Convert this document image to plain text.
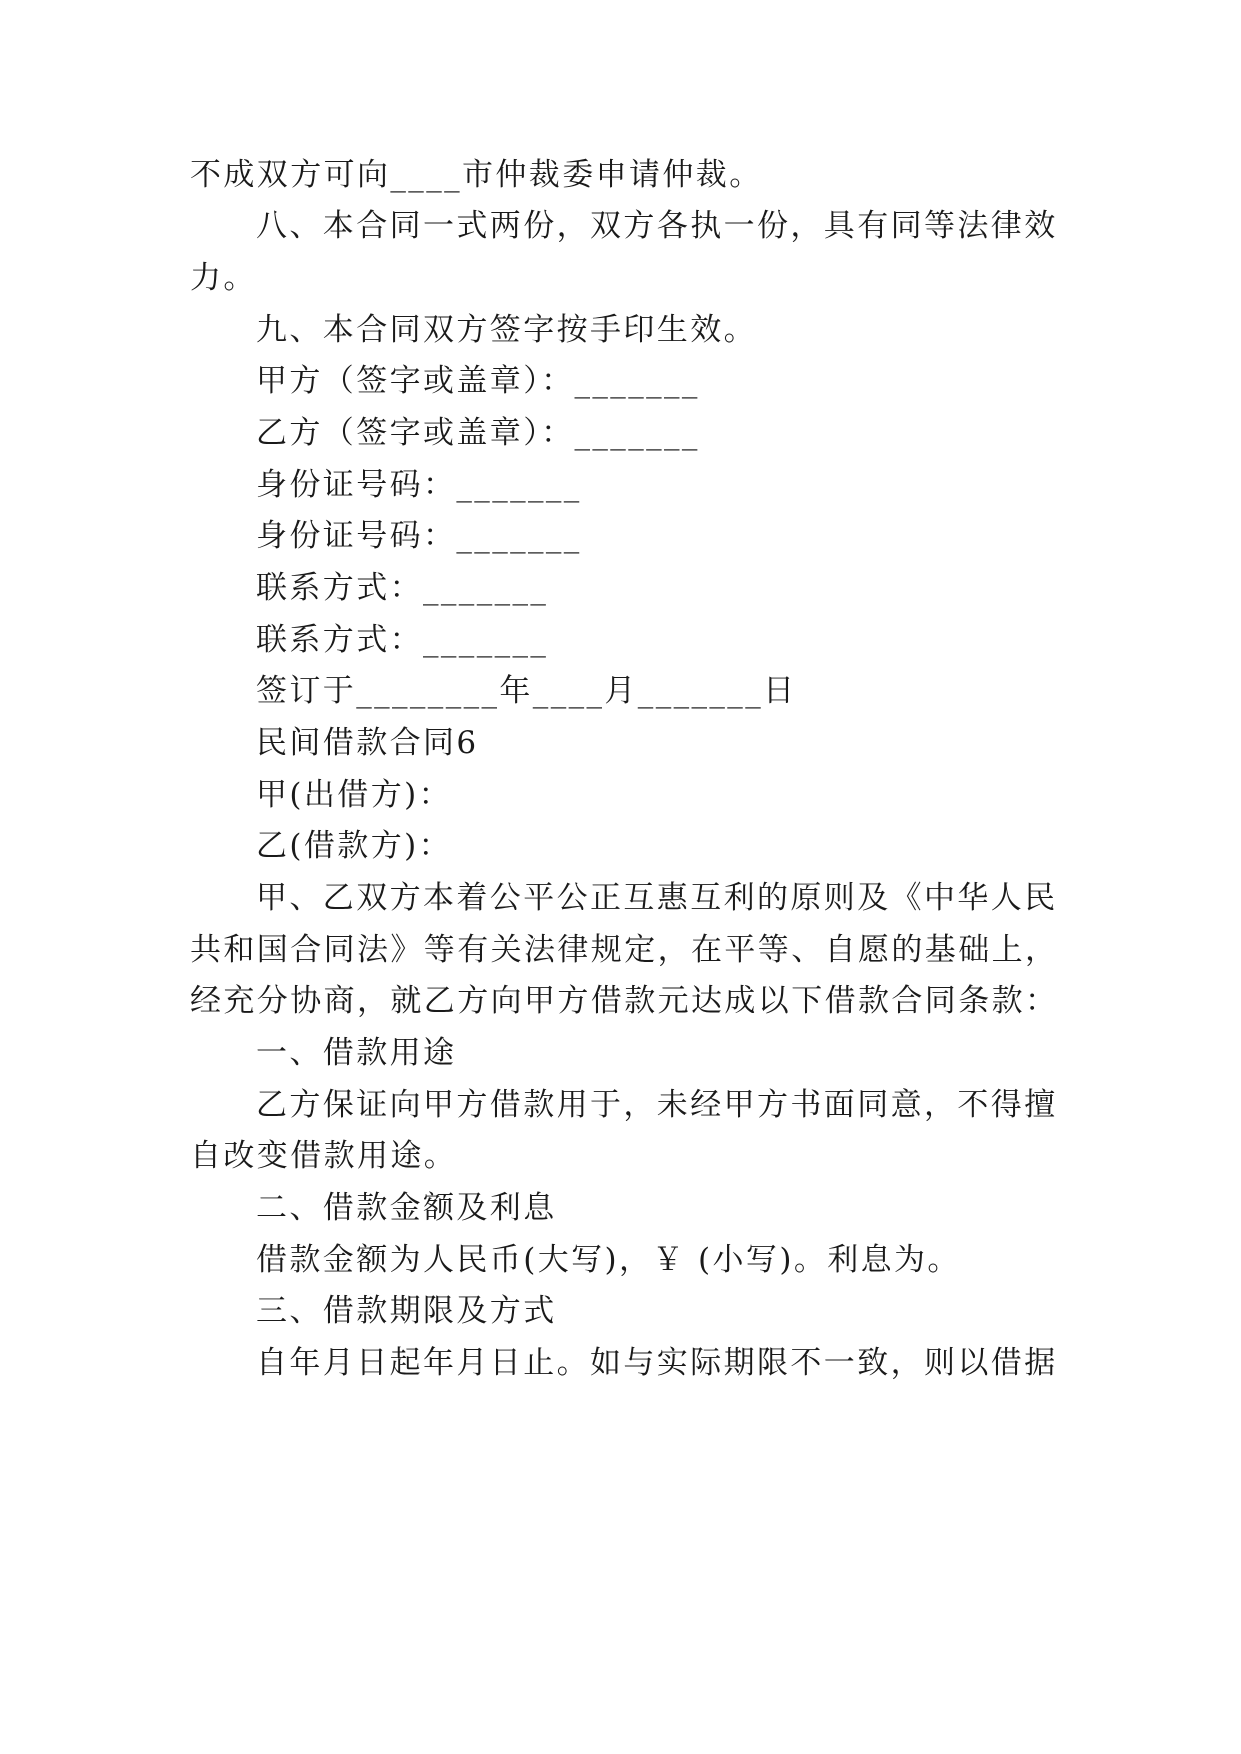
不成双方可向____市仲裁委申请仲裁。
八、本合同一式两份，双方各执一份，具有同等法律效
力。
九、本合同双方签字按手印生效。
甲方（签字或盖章）：_______
乙方（签字或盖章）：_______
身份证号码：_______
身份证号码：_______
联系方式：_______
联系方式：_______
签订于________年____月_______日
民间借款合同6
甲(出借方)：
乙(借款方)：
甲、乙双方本着公平公正互惠互利的原则及《中华人民
共和国合同法》等有关法律规定，在平等、自愿的基础上，
经充分协商，就乙方向甲方借款元达成以下借款合同条款：
一、借款用途
乙方保证向甲方借款用于，未经甲方书面同意，不得擅
自改变借款用途。
二、借款金额及利息
借款金额为人民币(大写)，￥ (小写)。利息为。
三、借款期限及方式
自年月日起年月日止。如与实际期限不一致，则以借据
